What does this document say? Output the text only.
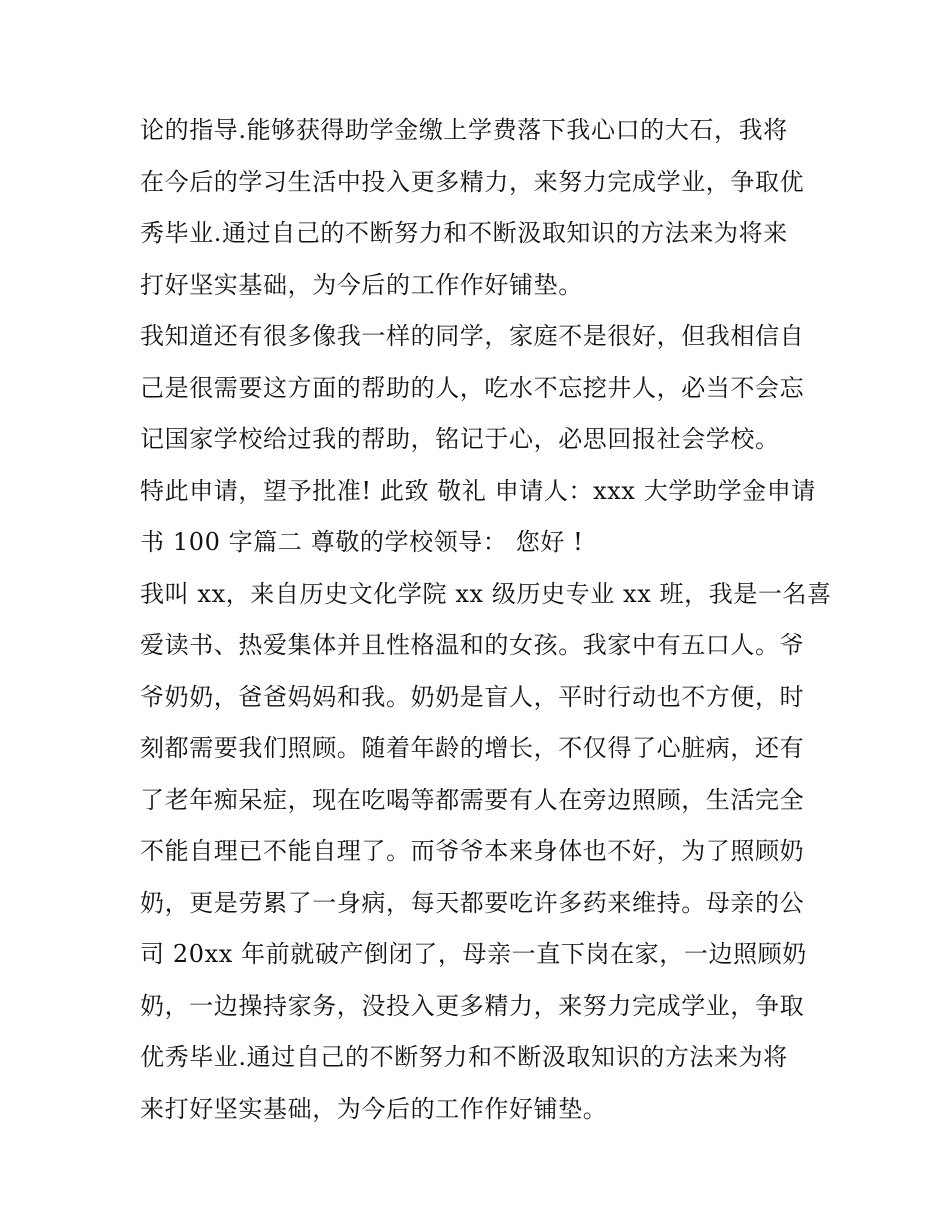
论的指导.能够获得助学金缴上学费落下我心口的大石，我将
在今后的学习生活中投入更多精力，来努力完成学业，争取优
秀毕业.通过自己的不断努力和不断汲取知识的方法来为将来
打好坚实基础，为今后的工作作好铺垫。
我知道还有很多像我一样的同学，家庭不是很好，但我相信自
己是很需要这方面的帮助的人，吃水不忘挖井人，必当不会忘
记国家学校给过我的帮助，铭记于心，必思回报社会学校。
特此申请，望予批准! 此致 敬礼 申请人：xxx 大学助学金申请
书 100 字篇二 尊敬的学校领导： 您好 !
我叫 xx，来自历史文化学院 xx 级历史专业 xx 班，我是一名喜
爱读书、热爱集体并且性格温和的女孩。我家中有五口人。爷
爷奶奶，爸爸妈妈和我。奶奶是盲人，平时行动也不方便，时
刻都需要我们照顾。随着年龄的增长，不仅得了心脏病，还有
了老年痴呆症，现在吃喝等都需要有人在旁边照顾，生活完全
不能自理已不能自理了。而爷爷本来身体也不好，为了照顾奶
奶，更是劳累了一身病，每天都要吃许多药来维持。母亲的公
司 20xx 年前就破产倒闭了，母亲一直下岗在家，一边照顾奶
奶，一边操持家务，没投入更多精力，来努力完成学业，争取
优秀毕业.通过自己的不断努力和不断汲取知识的方法来为将
来打好坚实基础，为今后的工作作好铺垫。
